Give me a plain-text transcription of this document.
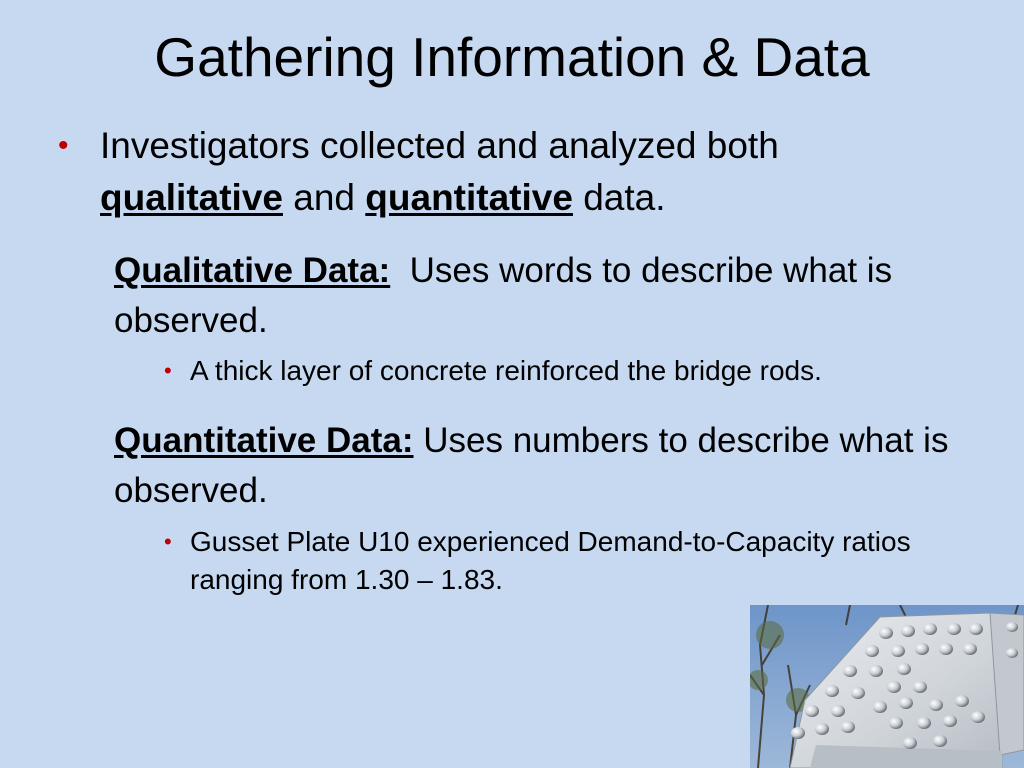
Gathering Information & Data
• Investigators collected and analyzed both
qualitative and quantitative data.
Qualitative Data: Uses words to describe what is observed.
• A thick layer of concrete reinforced the bridge rods.
Quantitative Data: Uses numbers to describe what is observed.
• Gusset Plate U10 experienced Demand-to-Capacity ratios ranging from 1.30 – 1.83.
